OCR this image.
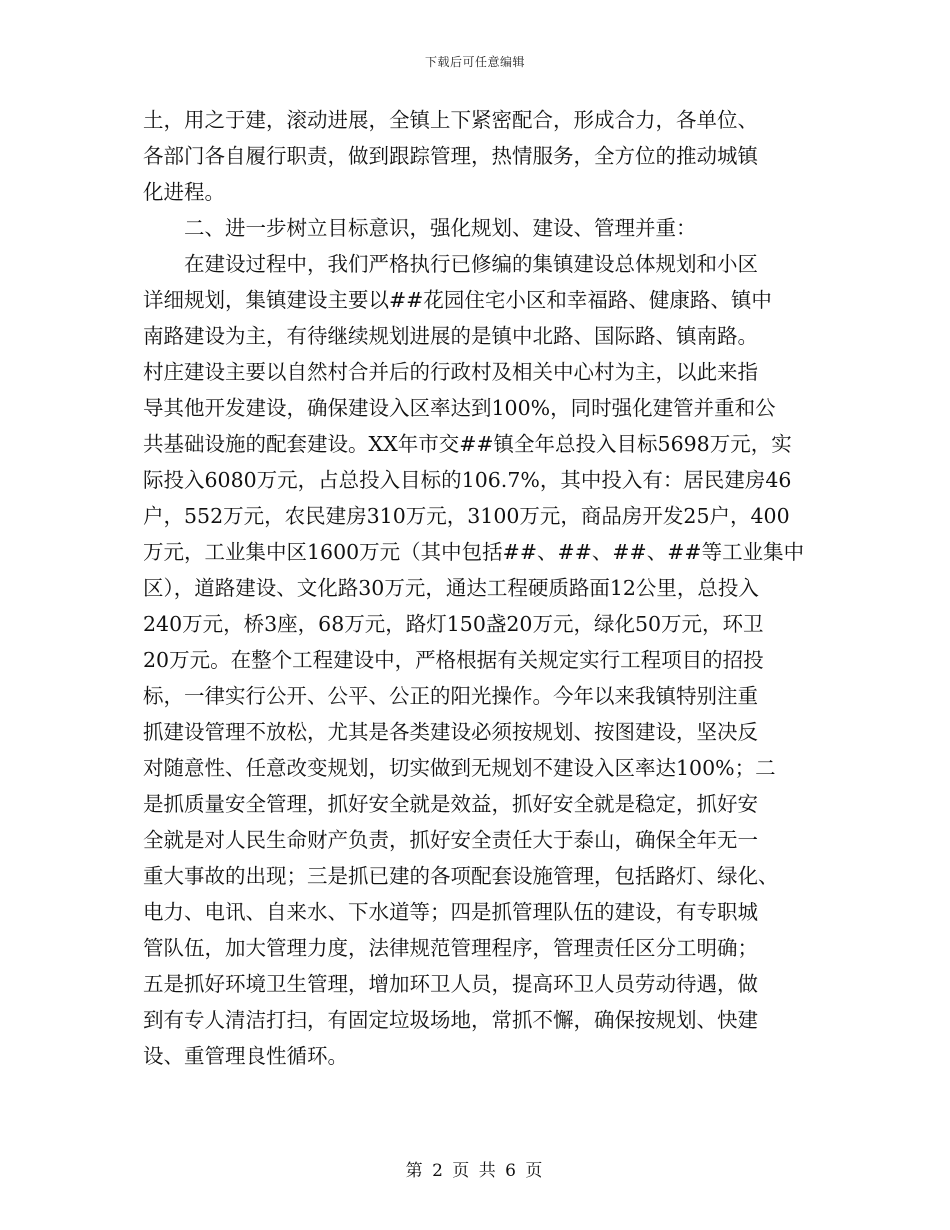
下载后可任意编辑
土，用之于建，滚动进展，全镇上下紧密配合，形成合力，各单位、
各部门各自履行职责，做到跟踪管理，热情服务，全方位的推动城镇
化进程。
二、进一步树立目标意识，强化规划、建设、管理并重：
在建设过程中，我们严格执行已修编的集镇建设总体规划和小区
详细规划，集镇建设主要以##花园住宅小区和幸福路、健康路、镇中
南路建设为主，有待继续规划进展的是镇中北路、国际路、镇南路。
村庄建设主要以自然村合并后的行政村及相关中心村为主，以此来指
导其他开发建设，确保建设入区率达到100%，同时强化建管并重和公
共基础设施的配套建设。XX年市交##镇全年总投入目标5698万元，实
际投入6080万元，占总投入目标的106.7%，其中投入有：居民建房46
户，552万元，农民建房310万元，3100万元，商品房开发25户，400
万元，工业集中区1600万元（其中包括##、##、##、##等工业集中
区），道路建设、文化路30万元，通达工程硬质路面12公里，总投入
240万元，桥3座，68万元，路灯150盏20万元，绿化50万元，环卫
20万元。在整个工程建设中，严格根据有关规定实行工程项目的招投
标，一律实行公开、公平、公正的阳光操作。今年以来我镇特别注重
抓建设管理不放松，尤其是各类建设必须按规划、按图建设，坚决反
对随意性、任意改变规划，切实做到无规划不建设入区率达100%；二
是抓质量安全管理，抓好安全就是效益，抓好安全就是稳定，抓好安
全就是对人民生命财产负责，抓好安全责任大于泰山，确保全年无一
重大事故的出现；三是抓已建的各项配套设施管理，包括路灯、绿化、
电力、电讯、自来水、下水道等；四是抓管理队伍的建设，有专职城
管队伍，加大管理力度，法律规范管理程序，管理责任区分工明确；
五是抓好环境卫生管理，增加环卫人员，提高环卫人员劳动待遇，做
到有专人清洁打扫，有固定垃圾场地，常抓不懈，确保按规划、快建
设、重管理良性循环。
第 2 页 共 6 页
